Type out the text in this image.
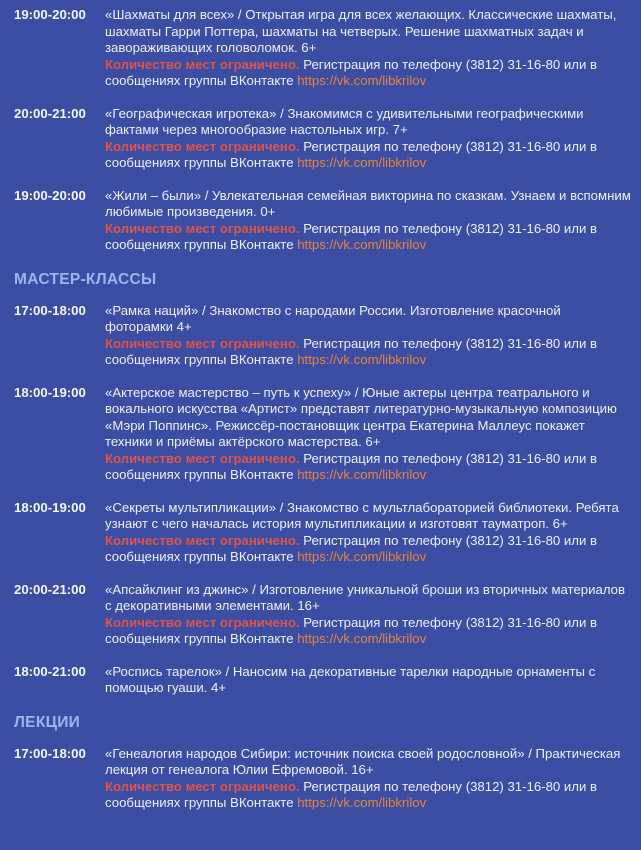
19:00-20:00	«Шахматы для всех» / Открытая игра для всех желающих. Классические шахматы, шахматы Гарри Поттера, шахматы на четверых. Решение шахматных задач и завораживающих головоломок. 6+
Количество мест ограничено. Регистрация по телефону (3812) 31-16-80 или в сообщениях группы ВКонтакте https://vk.com/libkrilov
20:00-21:00	«Географическая игротека» / Знакомимся с удивительными географическими фактами через многообразие настольных игр. 7+
Количество мест ограничено. Регистрация по телефону (3812) 31-16-80 или в сообщениях группы ВКонтакте https://vk.com/libkrilov
19:00-20:00	«Жили – были» / Увлекательная семейная викторина по сказкам. Узнаем и вспомним любимые произведения. 0+
Количество мест ограничено. Регистрация по телефону (3812) 31-16-80 или в сообщениях группы ВКонтакте https://vk.com/libkrilov
МАСТЕР-КЛАССЫ
17:00-18:00	«Рамка наций» / Знакомство с народами России. Изготовление красочной фоторамки 4+
Количество мест ограничено. Регистрация по телефону (3812) 31-16-80 или в сообщениях группы ВКонтакте https://vk.com/libkrilov
18:00-19:00	«Актерское мастерство – путь к успеху» / Юные актеры центра театрального и вокального искусства «Артист» представят литературно-музыкальную композицию «Мэри Поппинс». Режиссёр-постановщик центра Екатерина Маллеус покажет техники и приёмы актёрского мастерства. 6+
Количество мест ограничено. Регистрация по телефону (3812) 31-16-80 или в сообщениях группы ВКонтакте https://vk.com/libkrilov
18:00-19:00	«Секреты мультипликации» / Знакомство с мультлабораторией библиотеки. Ребята узнают с чего началась история мультипликации и изготовят тауматроп. 6+
Количество мест ограничено. Регистрация по телефону (3812) 31-16-80 или в сообщениях группы ВКонтакте https://vk.com/libkrilov
20:00-21:00	«Апсайклинг из джинс» / Изготовление уникальной броши из вторичных материалов с декоративными элементами. 16+
Количество мест ограничено. Регистрация по телефону (3812) 31-16-80 или в сообщениях группы ВКонтакте https://vk.com/libkrilov
18:00-21:00	«Роспись тарелок» / Наносим на декоративные тарелки народные орнаменты с помощью гуаши. 4+
ЛЕКЦИИ
17:00-18:00	«Генеалогия народов Сибири: источник поиска своей родословной» / Практическая лекция от генеалога Юлии Ефремовой. 16+
Количество мест ограничено. Регистрация по телефону (3812) 31-16-80 или в сообщениях группы ВКонтакте https://vk.com/libkrilov
